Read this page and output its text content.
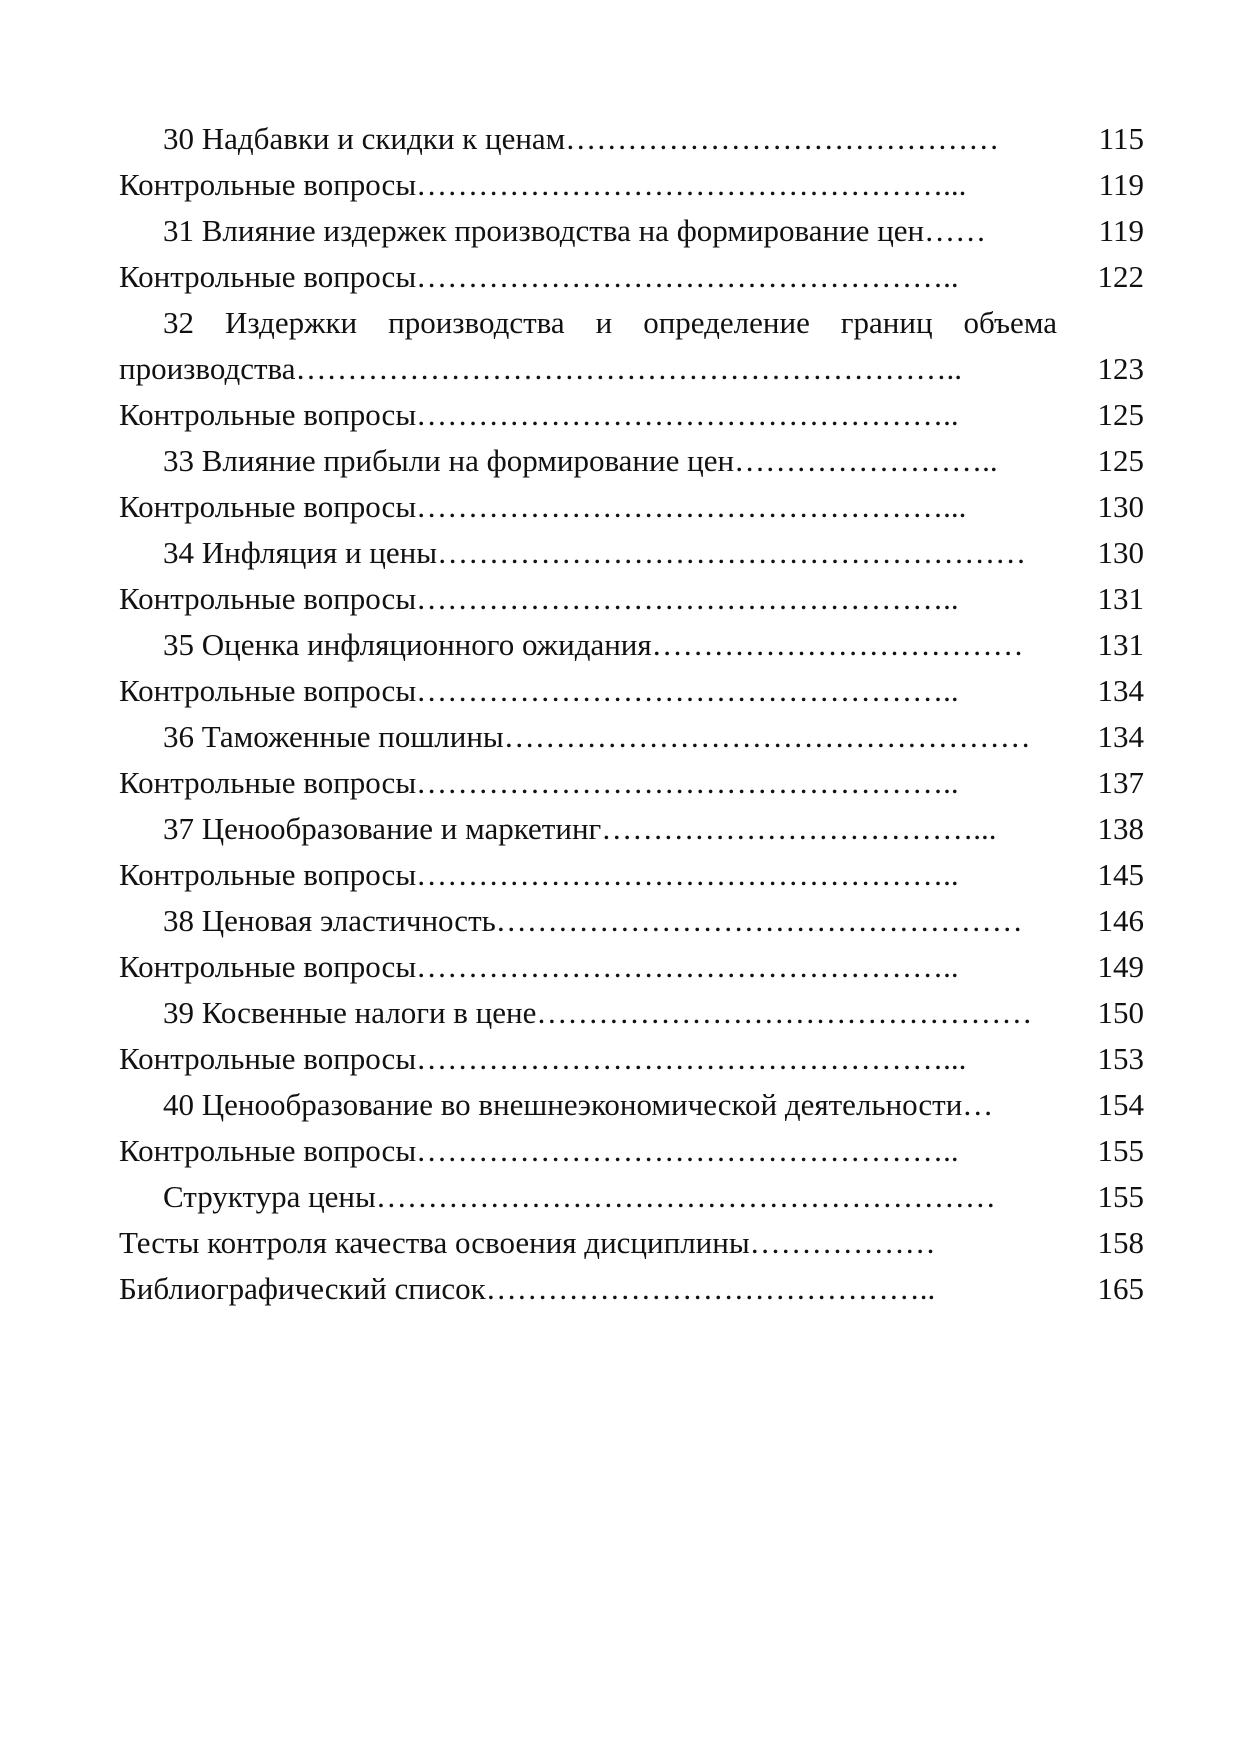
30 Надбавки и скидки к ценам……………………………………	115
Контрольные вопросы……………………………………………...	119
31 Влияние издержек производства на формирование цен……	119
Контрольные вопросы……………………………………………..	122
32 Издержки производства и определение границ объема
производства………………………………………………………..	123
Контрольные вопросы……………………………………………..	125
33 Влияние прибыли на формирование цен……………………..	125
Контрольные вопросы……………………………………………...	130
34 Инфляция и цены…………………………………………………	130
Контрольные вопросы……………………………………………..	131
35 Оценка инфляционного ожидания………………………………	131
Контрольные вопросы……………………………………………..	134
36 Таможенные пошлины……………………………………………	134
Контрольные вопросы……………………………………………..	137
37 Ценообразование и маркетинг………………………………...	138
Контрольные вопросы……………………………………………..	145
38 Ценовая эластичность……………………………………………	146
Контрольные вопросы……………………………………………..	149
39 Косвенные налоги в цене…………………………………………	150
Контрольные вопросы……………………………………………...	153
40 Ценообразование во внешнеэкономической деятельности…	154
Контрольные вопросы……………………………………………..	155
Структура цены……………………………………………………	155
Тесты контроля качества освоения дисциплины………………	158
Библиографический список……………………………………..	165
